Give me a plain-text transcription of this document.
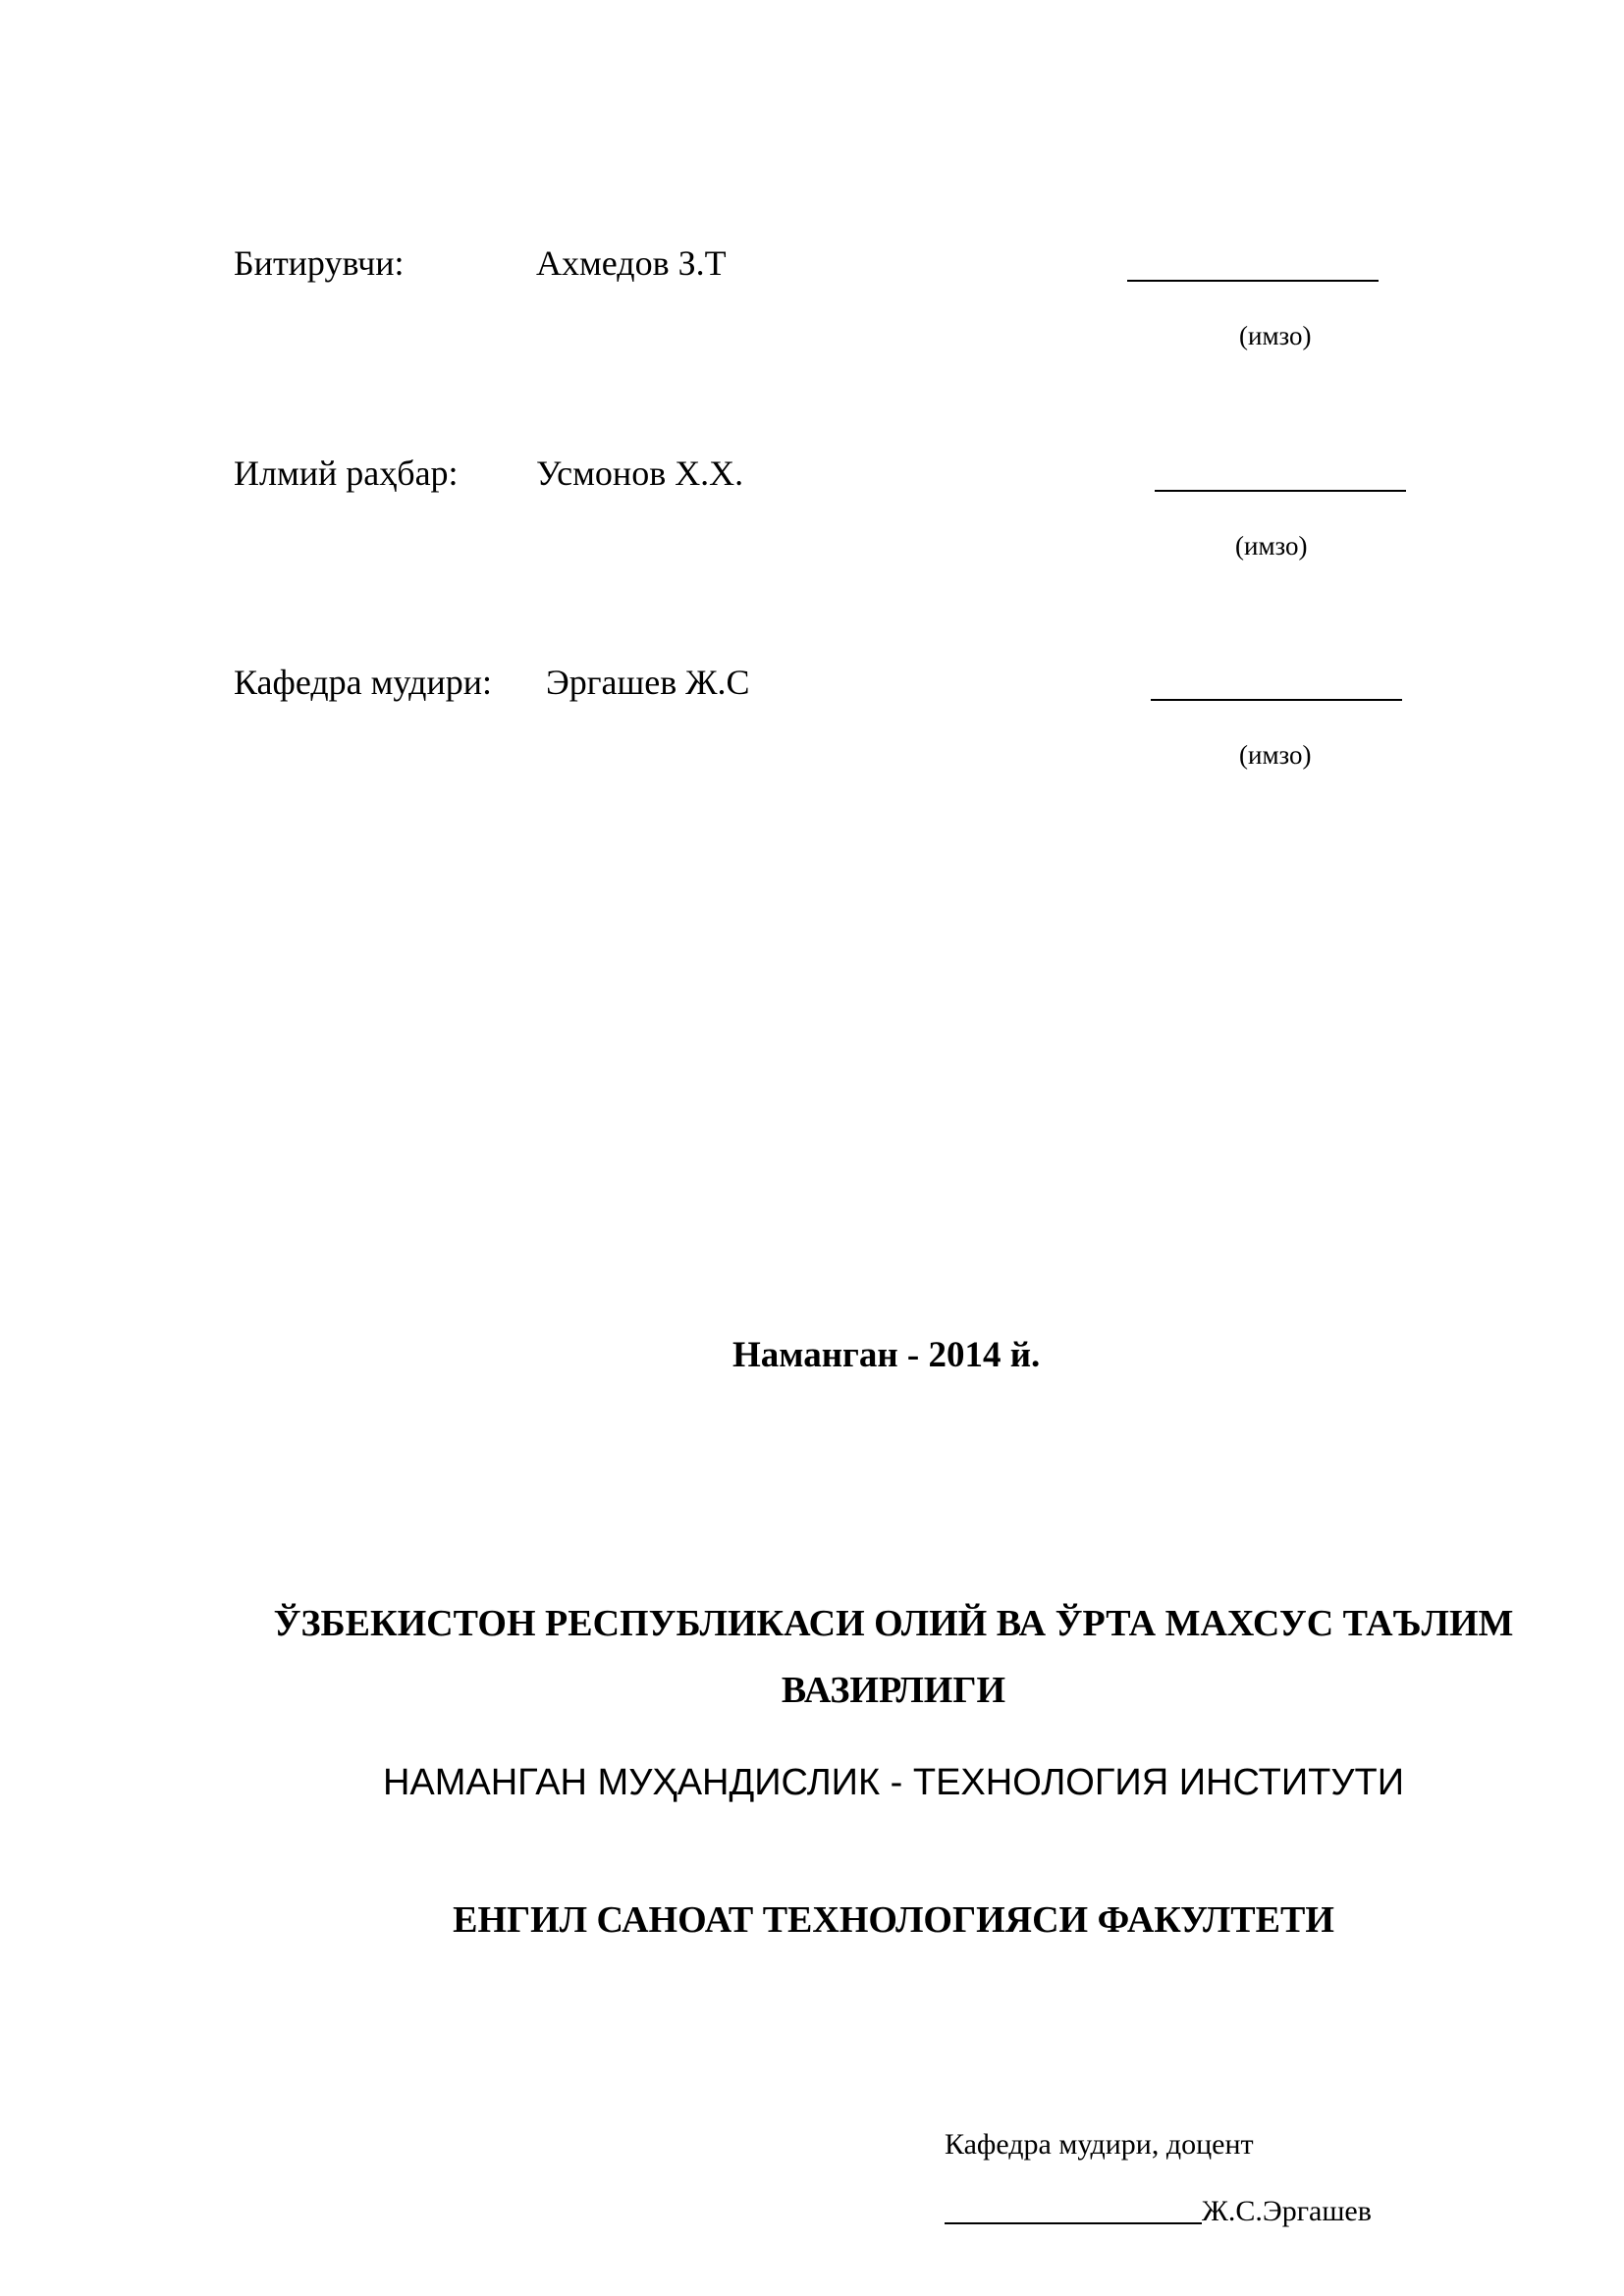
Битирувчи:	Ахмедов З.Т
(имзо)
Илмий раҳбар: Усмонов Х.Х.
(имзо)
Кафедра мудири: Эргашев Ж.С
(имзо)
Наманган - 2014 й.
ЎЗБЕКИСТОН РЕСПУБЛИКАСИ ОЛИЙ ВА ЎРТА МАХСУС ТАЪЛИМ ВАЗИРЛИГИ
НАМАНГАН МУҲАНДИСЛИК - ТЕХНОЛОГИЯ ИНСТИТУТИ
ЕНГИЛ САНОАТ ТЕХНОЛОГИЯСИ ФАКУЛТЕТИ
Кафедра мудири, доцент
Ж.С.Эргашев
